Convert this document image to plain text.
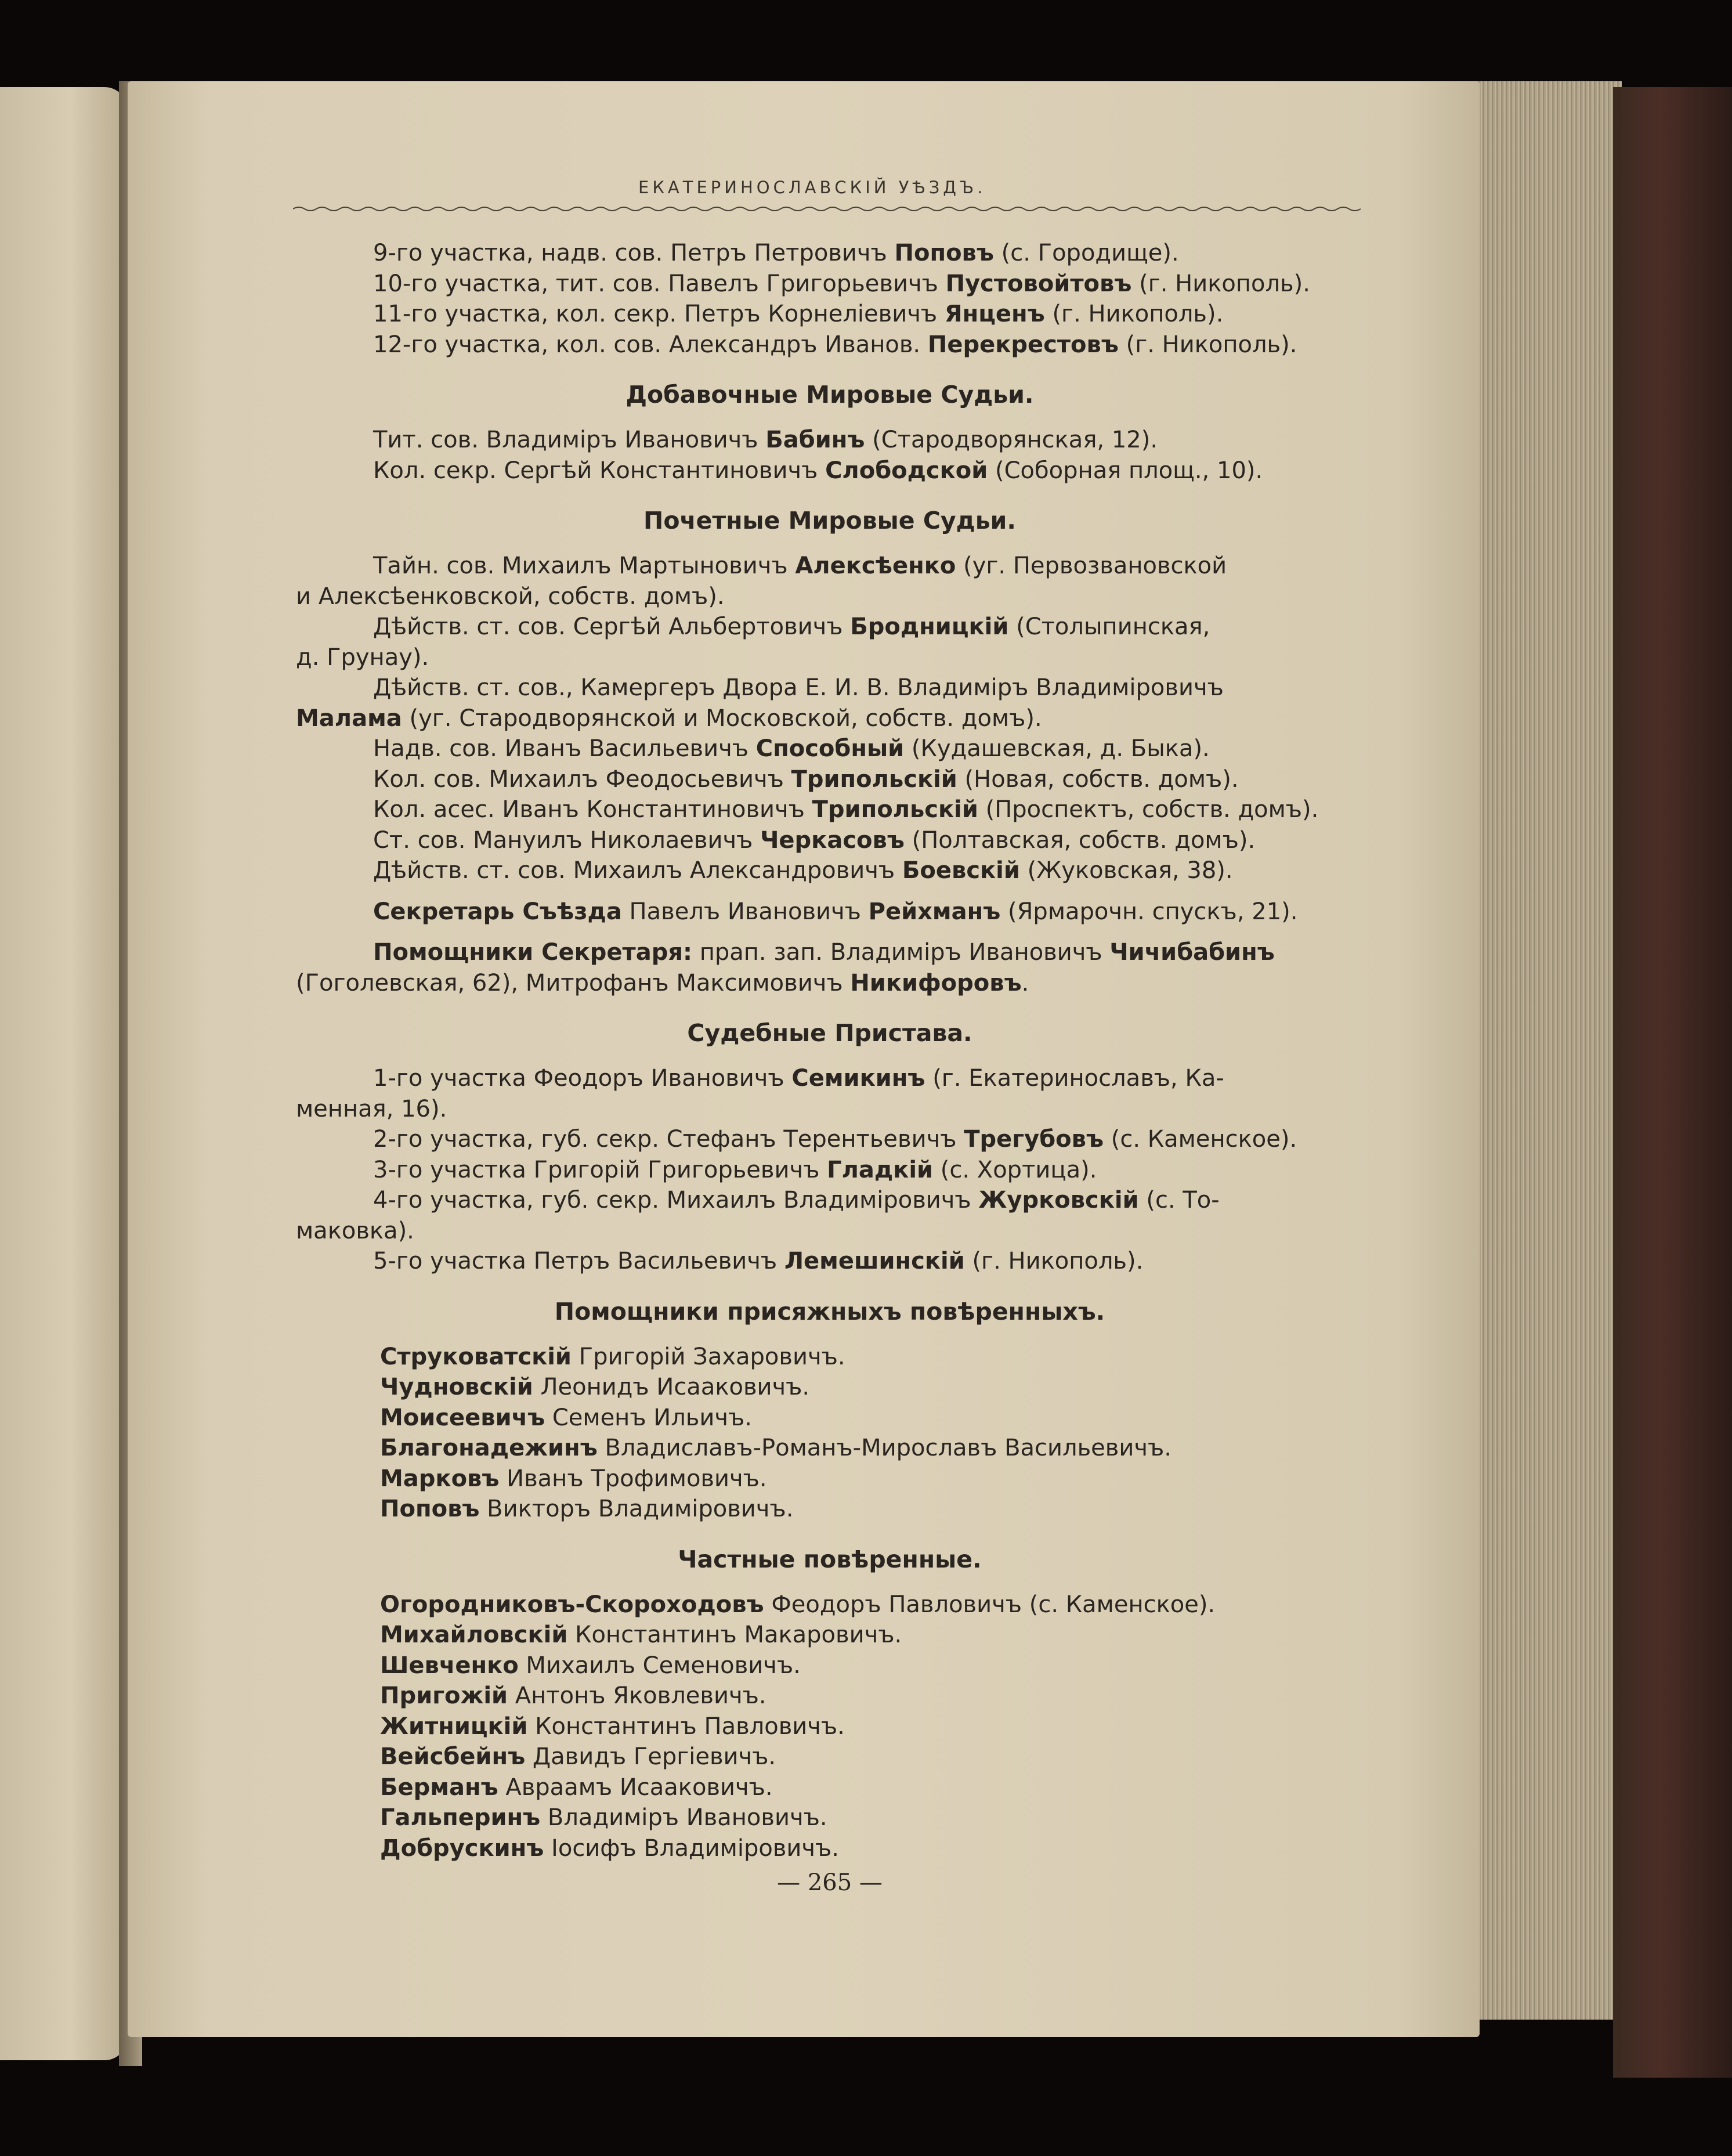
ЕКАТЕРИНОСЛАВСКІЙ УѢЗДЪ.
9-го участка, надв. сов. Петръ Петровичъ Поповъ (с. Городище).
10-го участка, тит. сов. Павелъ Григорьевичъ Пустовойтовъ (г. Никополь).
11-го участка, кол. секр. Петръ Корнеліевичъ Янценъ (г. Никополь).
12-го участка, кол. сов. Александръ Иванов. Перекрестовъ (г. Никополь).
Добавочные Мировые Судьи.
Тит. сов. Владиміръ Ивановичъ Бабинъ (Стародворянская, 12).
Кол. секр. Сергѣй Константиновичъ Слободской (Соборная площ., 10).
Почетные Мировые Судьи.
Тайн. сов. Михаилъ Мартыновичъ Алексѣенко (уг. Первозвановской
и Алексѣенковской, собств. домъ).
Дѣйств. ст. сов. Сергѣй Альбертовичъ Бродницкій (Столыпинская,
д. Грунау).
Дѣйств. ст. сов., Камергеръ Двора Е. И. В. Владиміръ Владиміровичъ
Малама (уг. Стародворянской и Московской, собств. домъ).
Надв. сов. Иванъ Васильевичъ Способный (Кудашевская, д. Быка).
Кол. сов. Михаилъ Феодосьевичъ Трипольскій (Новая, собств. домъ).
Кол. асес. Иванъ Константиновичъ Трипольскій (Проспектъ, собств. домъ).
Ст. сов. Мануилъ Николаевичъ Черкасовъ (Полтавская, собств. домъ).
Дѣйств. ст. сов. Михаилъ Александровичъ Боевскій (Жуковская, 38).
Секретарь Съѣзда Павелъ Ивановичъ Рейхманъ (Ярмарочн. спускъ, 21).
Помощники Секретаря: прап. зап. Владиміръ Ивановичъ Чичибабинъ
(Гоголевская, 62), Митрофанъ Максимовичъ Никифоровъ.
Судебные Пристава.
1-го участка Феодоръ Ивановичъ Семикинъ (г. Екатеринославъ, Ка-
менная, 16).
2-го участка, губ. секр. Стефанъ Терентьевичъ Трегубовъ (с. Каменское).
3-го участка Григорій Григорьевичъ Гладкій (с. Хортица).
4-го участка, губ. секр. Михаилъ Владиміровичъ Журковскій (с. То-
маковка).
5-го участка Петръ Васильевичъ Лемешинскій (г. Никополь).
Помощники присяжныхъ повѣренныхъ.
Струковатскій Григорій Захаровичъ.
Чудновскій Леонидъ Исааковичъ.
Моисеевичъ Семенъ Ильичъ.
Благонадежинъ Владиславъ-Романъ-Мирославъ Васильевичъ.
Марковъ Иванъ Трофимовичъ.
Поповъ Викторъ Владиміровичъ.
Частные повѣренные.
Огородниковъ-Скороходовъ Феодоръ Павловичъ (с. Каменское).
Михайловскій Константинъ Макаровичъ.
Шевченко Михаилъ Семеновичъ.
Пригожій Антонъ Яковлевичъ.
Житницкій Константинъ Павловичъ.
Вейсбейнъ Давидъ Гергіевичъ.
Берманъ Авраамъ Исааковичъ.
Гальперинъ Владиміръ Ивановичъ.
Добрускинъ Іосифъ Владиміровичъ.
— 265 —
